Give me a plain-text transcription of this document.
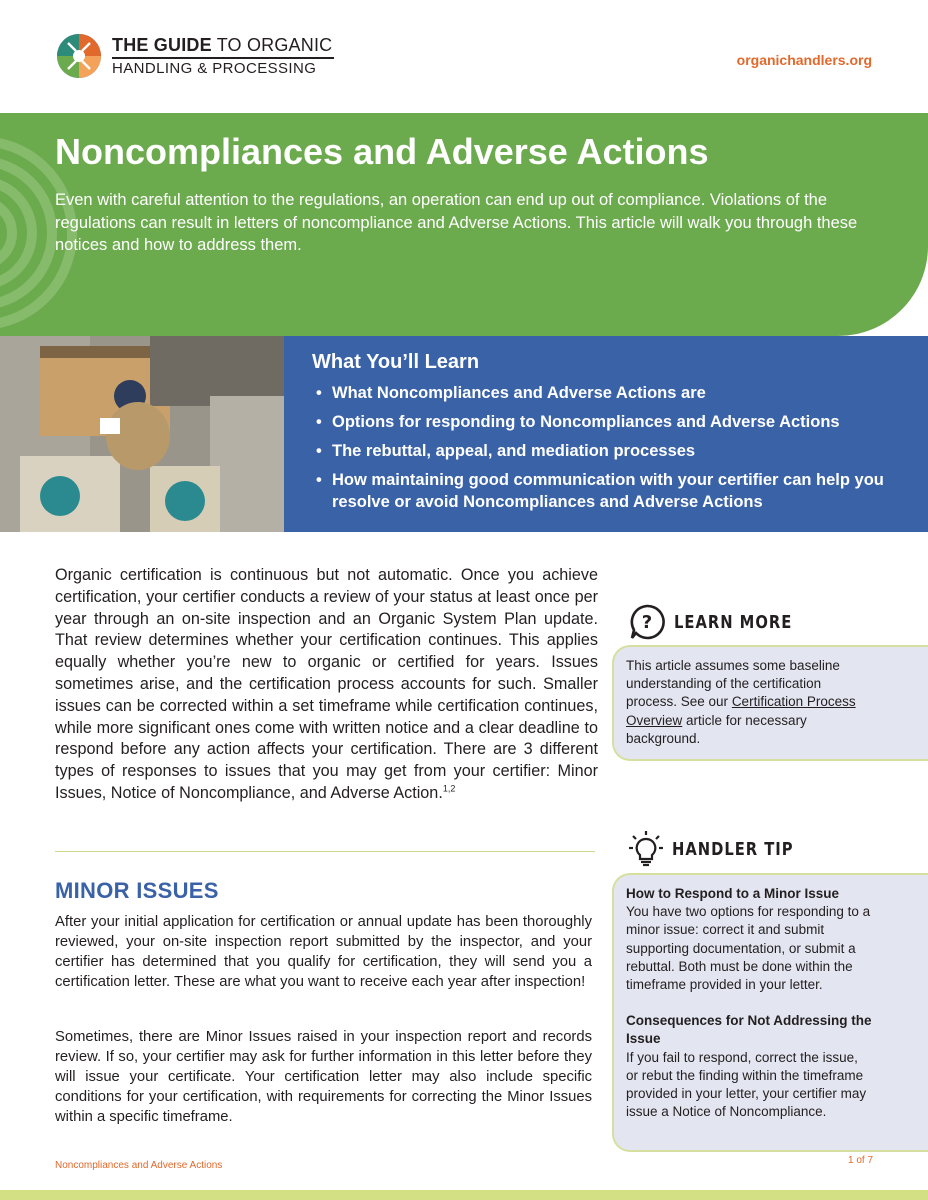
THE GUIDE TO ORGANIC
HANDLING & PROCESSING	organichandlers.org
Noncompliances and Adverse Actions

Even with careful attention to the regulations, an operation can end up out of compliance. Violations of the regulations can result in letters of noncompliance and Adverse Actions. This article will walk you through these notices and how to address them.

What You’ll Learn
• What Noncompliances and Adverse Actions are
• Options for responding to Noncompliances and Adverse Actions
• The rebuttal, appeal, and mediation processes
• How maintaining good communication with your certifier can help you resolve or avoid Noncompliances and Adverse Actions

Organic certification is continuous but not automatic. Once you achieve certification, your certifier conducts a review of your status at least once per year through an on-site inspection and an Organic System Plan update. That review determines whether your certification continues. This applies equally whether you’re new to organic or certified for years. Issues sometimes arise, and the certification process accounts for such. Smaller issues can be corrected within a set timeframe while certification continues, while more significant ones come with written notice and a clear deadline to respond before any action affects your certification. There are 3 different types of responses to issues that you may get from your certifier: Minor Issues, Notice of Noncompliance, and Adverse Action.$^{1,2}$

MINOR ISSUES

After your initial application for certification or annual update has been thoroughly reviewed, your on-site inspection report submitted by the inspector, and your certifier has determined that you qualify for certification, they will send you a certification letter. These are what you want to receive each year after inspection!

Sometimes, there are Minor Issues raised in your inspection report and records review. If so, your certifier may ask for further information in this letter before they will issue your certificate. Your certification letter may also include specific conditions for your certification, with requirements for correcting the Minor Issues within a specific timeframe.

? LEARN MORE
This article assumes some baseline understanding of the certification process. See our Certification Process Overview article for necessary background.
HANDLER TIP
How to Respond to a Minor Issue
You have two options for responding to a minor issue: correct it and submit supporting documentation, or submit a rebuttal. Both must be done within the timeframe provided in your letter.
Consequences for Not Addressing the Issue
If you fail to respond, correct the issue, or rebut the finding within the timeframe provided in your letter, your certifier may issue a Notice of Noncompliance.
Noncompliances and Adverse Actions	1 of 7
